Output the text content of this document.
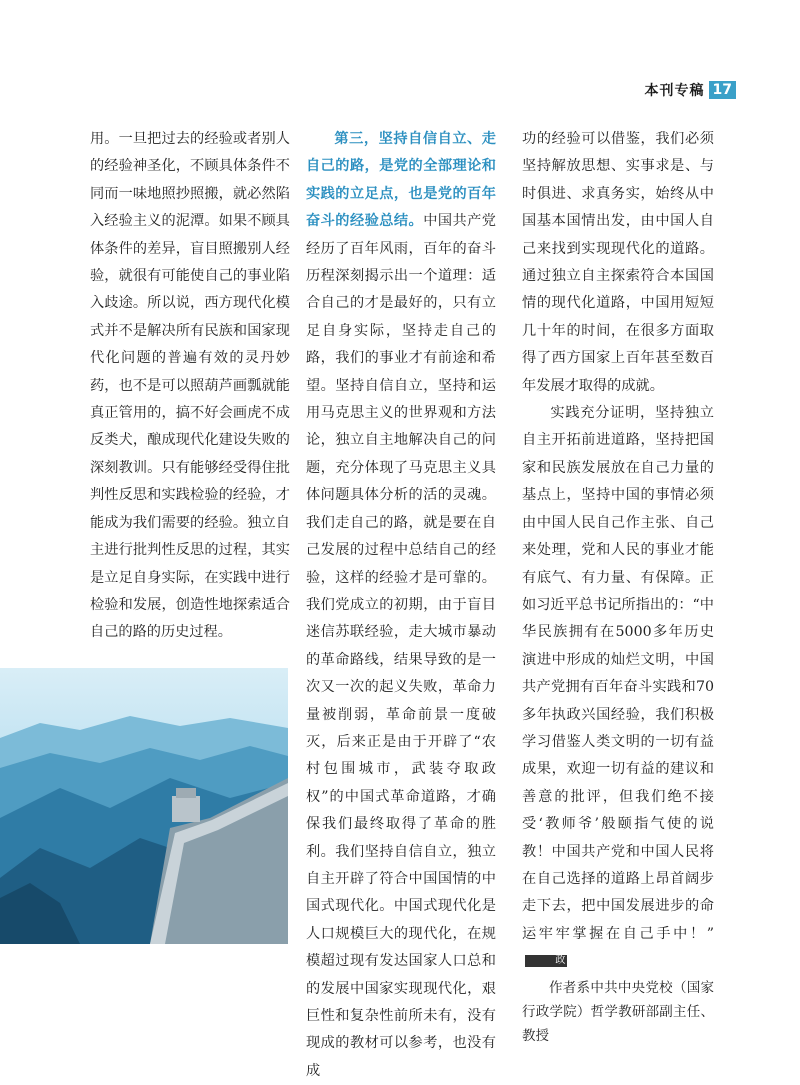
本刊专稿 17

用。一旦把过去的经验或者别人的经验神圣化，不顾具体条件不同而一味地照抄照搬，就必然陷入经验主义的泥潭。如果不顾具体条件的差异，盲目照搬别人经验，就很有可能使自己的事业陷入歧途。所以说，西方现代化模式并不是解决所有民族和国家现代化问题的普遍有效的灵丹妙药，也不是可以照葫芦画瓢就能真正管用的，搞不好会画虎不成反类犬，酿成现代化建设失败的深刻教训。只有能够经受得住批判性反思和实践检验的经验，才能成为我们需要的经验。独立自主进行批判性反思的过程，其实是立足自身实际，在实践中进行检验和发展，创造性地探索适合自己的路的历史过程。

第三，坚持自信自立、走自己的路，是党的全部理论和实践的立足点，也是党的百年奋斗的经验总结。中国共产党经历了百年风雨，百年的奋斗历程深刻揭示出一个道理：适合自己的才是最好的，只有立足自身实际，坚持走自己的路，我们的事业才有前途和希望。坚持自信自立，坚持和运用马克思主义的世界观和方法论，独立自主地解决自己的问题，充分体现了马克思主义具体问题具体分析的活的灵魂。我们走自己的路，就是要在自己发展的过程中总结自己的经验，这样的经验才是可靠的。我们党成立的初期，由于盲目迷信苏联经验，走大城市暴动的革命路线，结果导致的是一次又一次的起义失败，革命力量被削弱，革命前景一度破灭，后来正是由于开辟了“农村包围城市，武装夺取政权”的中国式革命道路，才确保我们最终取得了革命的胜利。我们坚持自信自立，独立自主开辟了符合中国国情的中国式现代化。中国式现代化是人口规模巨大的现代化，在规模超过现有发达国家人口总和的发展中国家实现现代化，艰巨性和复杂性前所未有，没有现成的教材可以参考，也没有成

功的经验可以借鉴，我们必须坚持解放思想、实事求是、与时俱进、求真务实，始终从中国基本国情出发，由中国人自己来找到实现现代化的道路。通过独立自主探索符合本国国情的现代化道路，中国用短短几十年的时间，在很多方面取得了西方国家上百年甚至数百年发展才取得的成就。

实践充分证明，坚持独立自主开拓前进道路，坚持把国家和民族发展放在自己力量的基点上，坚持中国的事情必须由中国人民自己作主张、自己来处理，党和人民的事业才能有底气、有力量、有保障。正如习近平总书记所指出的：“中华民族拥有在5000多年历史演进中形成的灿烂文明，中国共产党拥有百年奋斗实践和70多年执政兴国经验，我们积极学习借鉴人类文明的一切有益成果，欢迎一切有益的建议和善意的批评，但我们绝不接受‘教师爷’般颐指气使的说教！中国共产党和中国人民将在自己选择的道路上昂首阔步走下去，把中国发展进步的命运牢牢掌握在自己手中！”政

作者系中共中央党校（国家行政学院）哲学教研部副主任、教授
